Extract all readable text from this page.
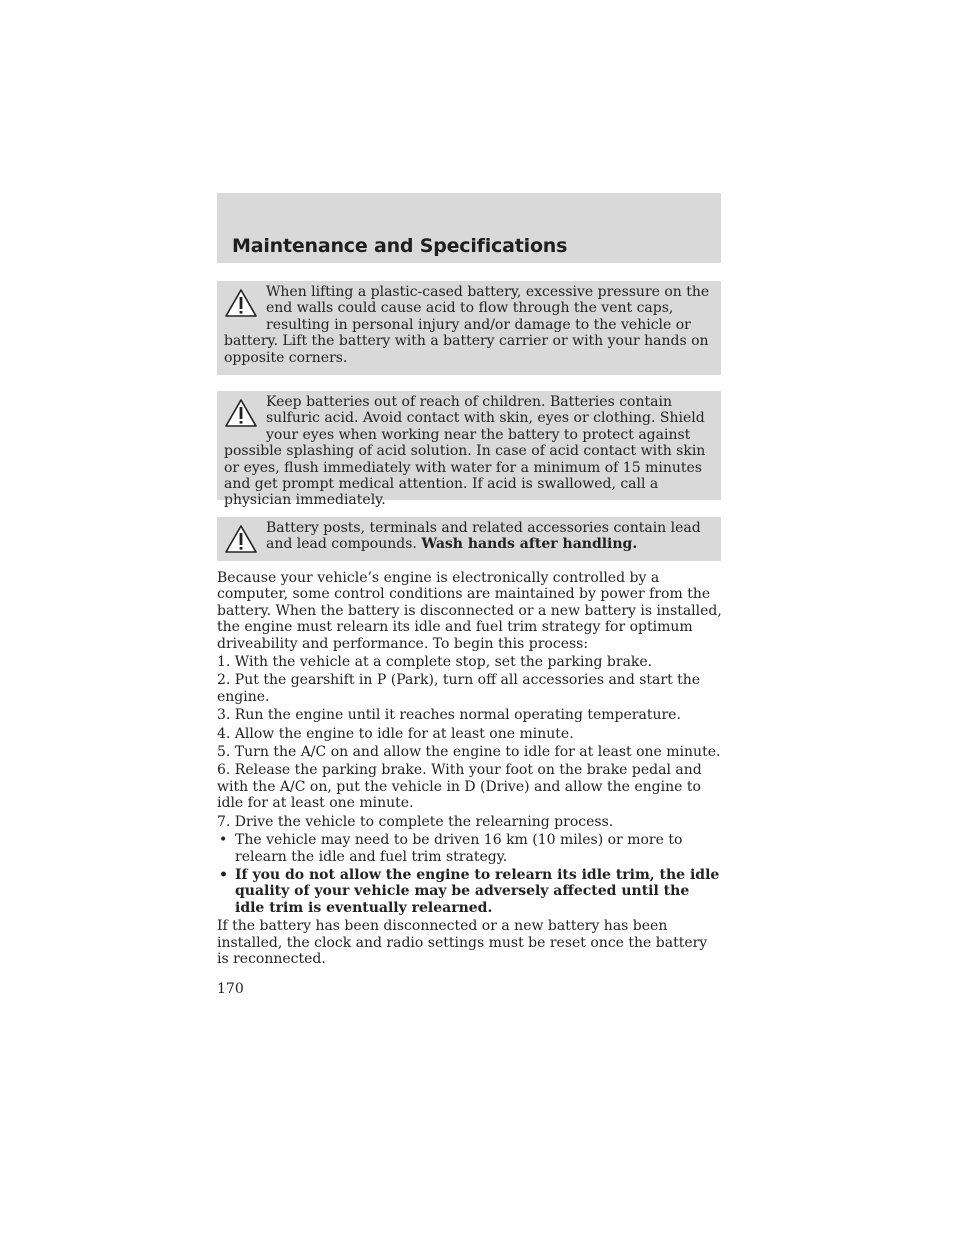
Maintenance and Specifications

When lifting a plastic-cased battery, excessive pressure on the end walls could cause acid to flow through the vent caps, resulting in personal injury and/or damage to the vehicle or battery. Lift the battery with a battery carrier or with your hands on opposite corners.

Keep batteries out of reach of children. Batteries contain sulfuric acid. Avoid contact with skin, eyes or clothing. Shield your eyes when working near the battery to protect against possible splashing of acid solution. In case of acid contact with skin or eyes, flush immediately with water for a minimum of 15 minutes and get prompt medical attention. If acid is swallowed, call a physician immediately.

Battery posts, terminals and related accessories contain lead and lead compounds. Wash hands after handling.

Because your vehicle’s engine is electronically controlled by a computer, some control conditions are maintained by power from the battery. When the battery is disconnected or a new battery is installed, the engine must relearn its idle and fuel trim strategy for optimum driveability and performance. To begin this process:

1. With the vehicle at a complete stop, set the parking brake.

2. Put the gearshift in P (Park), turn off all accessories and start the engine.

3. Run the engine until it reaches normal operating temperature.

4. Allow the engine to idle for at least one minute.

5. Turn the A/C on and allow the engine to idle for at least one minute.

6. Release the parking brake. With your foot on the brake pedal and with the A/C on, put the vehicle in D (Drive) and allow the engine to idle for at least one minute.

7. Drive the vehicle to complete the relearning process.

• The vehicle may need to be driven 16 km (10 miles) or more to relearn the idle and fuel trim strategy.

• If you do not allow the engine to relearn its idle trim, the idle quality of your vehicle may be adversely affected until the idle trim is eventually relearned.

If the battery has been disconnected or a new battery has been installed, the clock and radio settings must be reset once the battery is reconnected.

170
